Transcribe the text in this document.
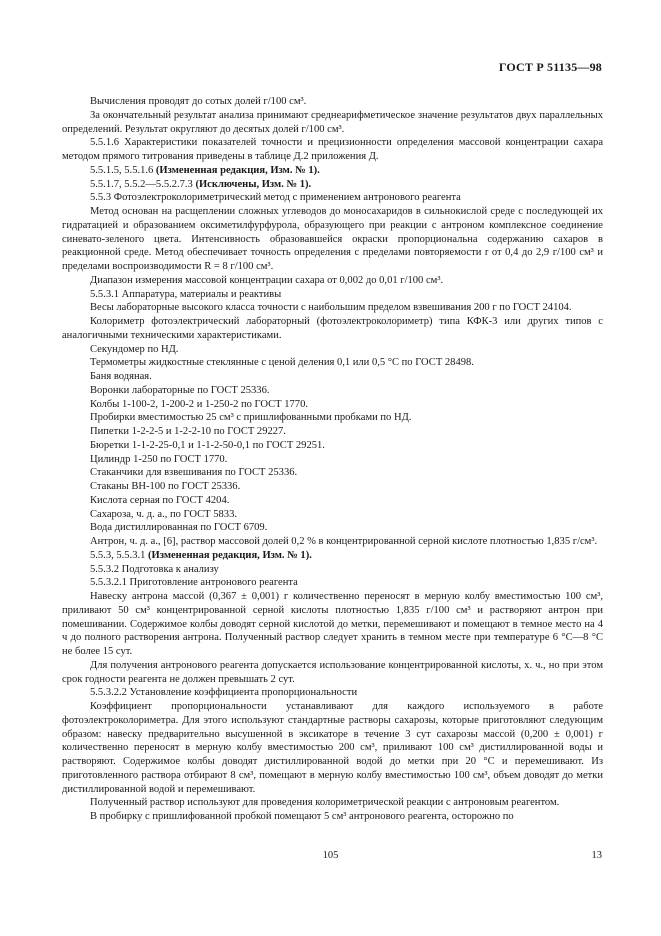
ГОСТ Р 51135—98

Вычисления проводят до сотых долей г/100 см³.

За окончательный результат анализа принимают среднеарифметическое значение результатов двух параллельных определений. Результат округляют до десятых долей г/100 см³.

5.5.1.6 Характеристики показателей точности и прецизионности определения массовой концентрации сахара методом прямого титрования приведены в таблице Д.2 приложения Д.

5.5.1.5, 5.5.1.6 (Измененная редакция, Изм. № 1).

5.5.1.7, 5.5.2—5.5.2.7.3 (Исключены, Изм. № 1).

5.5.3 Фотоэлектроколориметрический метод с применением антронового реагента

Метод основан на расщеплении сложных углеводов до моносахаридов в сильнокислой среде с последующей их гидратацией и образованием оксиметилфурфурола, образующего при реакции с антроном комплексное соединение синевато-зеленого цвета. Интенсивность образовавшейся окраски пропорциональна содержанию сахаров в реакционной среде. Метод обеспечивает точность определения с пределами повторяемости r от 0,4 до 2,9 г/100 см³ и пределами воспроизводимости R = 8 г/100 см³.

Диапазон измерения массовой концентрации сахара от 0,002 до 0,01 г/100 см³.

5.5.3.1 Аппаратура, материалы и реактивы

Весы лабораторные высокого класса точности с наибольшим пределом взвешивания 200 г по ГОСТ 24104.

Колориметр фотоэлектрический лабораторный (фотоэлектроколориметр) типа КФК-3 или других типов с аналогичными техническими характеристиками.

Секундомер по НД.

Термометры жидкостные стеклянные с ценой деления 0,1 или 0,5 °С по ГОСТ 28498.

Баня водяная.

Воронки лабораторные по ГОСТ 25336.

Колбы 1-100-2, 1-200-2 и 1-250-2 по ГОСТ 1770.

Пробирки вместимостью 25 см³ с пришлифованными пробками по НД.

Пипетки 1-2-2-5 и 1-2-2-10 по ГОСТ 29227.

Бюретки 1-1-2-25-0,1 и 1-1-2-50-0,1 по ГОСТ 29251.

Цилиндр 1-250 по ГОСТ 1770.

Стаканчики для взвешивания по ГОСТ 25336.

Стаканы ВН-100 по ГОСТ 25336.

Кислота серная по ГОСТ 4204.

Сахароза, ч. д. а., по ГОСТ 5833.

Вода дистиллированная по ГОСТ 6709.

Антрон, ч. д. а., [6], раствор массовой долей 0,2 % в концентрированной серной кислоте плотностью 1,835 г/см³.

5.5.3, 5.5.3.1 (Измененная редакция, Изм. № 1).

5.5.3.2 Подготовка к анализу

5.5.3.2.1 Приготовление антронового реагента

Навеску антрона массой (0,367 ± 0,001) г количественно переносят в мерную колбу вместимостью 100 см³, приливают 50 см³ концентрированной серной кислоты плотностью 1,835 г/100 см³ и растворяют антрон при помешивании. Содержимое колбы доводят серной кислотой до метки, перемешивают и помещают в темное место на 4 ч до полного растворения антрона. Полученный раствор следует хранить в темном месте при температуре 6 °С—8 °С не более 15 сут.

Для получения антронового реагента допускается использование концентрированной кислоты, х. ч., но при этом срок годности реагента не должен превышать 2 сут.

5.5.3.2.2 Установление коэффициента пропорциональности

Коэффициент пропорциональности устанавливают для каждого используемого в работе фотоэлектроколориметра. Для этого используют стандартные растворы сахарозы, которые приготовляют следующим образом: навеску предварительно высушенной в эксикаторе в течение 3 сут сахарозы массой (0,200 ± 0,001) г количественно переносят в мерную колбу вместимостью 200 см³, приливают 100 см³ дистиллированной воды и растворяют. Содержимое колбы доводят дистиллированной водой до метки при 20 °С и перемешивают. Из приготовленного раствора отбирают 8 см³, помещают в мерную колбу вместимостью 100 см³, объем доводят до метки дистиллированной водой и перемешивают.

Полученный раствор используют для проведения колориметрической реакции с антроновым реагентом.

В пробирку с пришлифованной пробкой помещают 5 см³ антронового реагента, осторожно по

105	13
